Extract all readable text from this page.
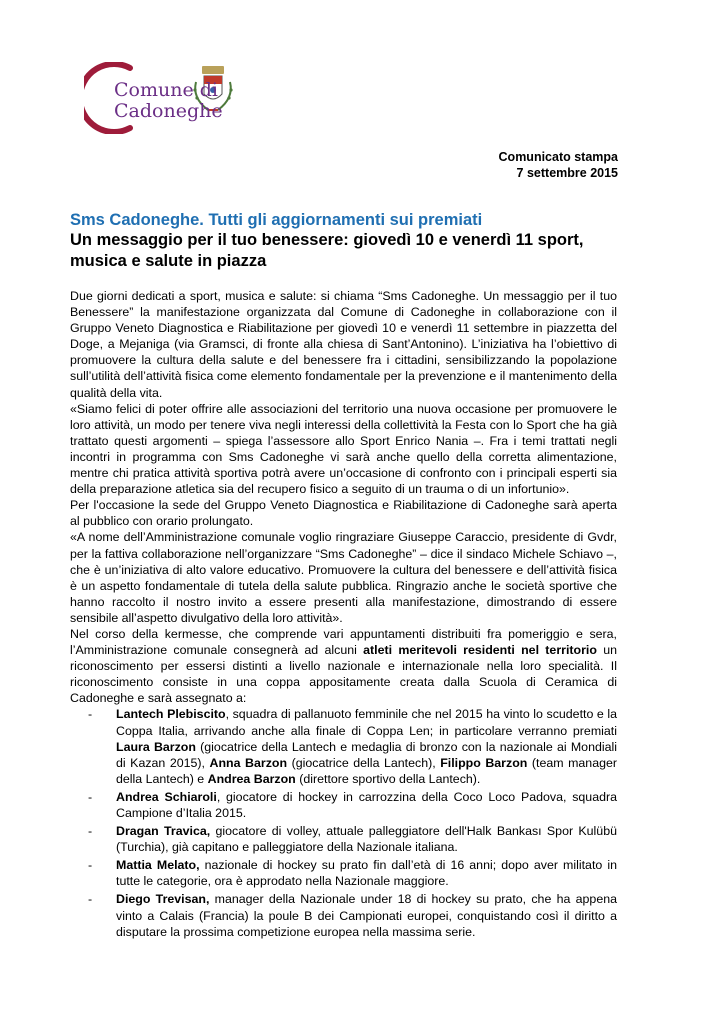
Comune di
Cadoneghe
Comunicato stampa
7 settembre 2015
Sms Cadoneghe. Tutti gli aggiornamenti sui premiati
Un messaggio per il tuo benessere: giovedì 10 e venerdì 11 sport, musica e salute in piazza

Due giorni dedicati a sport, musica e salute: si chiama “Sms Cadoneghe. Un messaggio per il tuo Benessere” la manifestazione organizzata dal Comune di Cadoneghe in collaborazione con il Gruppo Veneto Diagnostica e Riabilitazione per giovedì 10 e venerdì 11 settembre in piazzetta del Doge, a Mejaniga (via Gramsci, di fronte alla chiesa di Sant’Antonino). L’iniziativa ha l’obiettivo di promuovere la cultura della salute e del benessere fra i cittadini, sensibilizzando la popolazione sull’utilità dell’attività fisica come elemento fondamentale per la prevenzione e il mantenimento della qualità della vita.

«Siamo felici di poter offrire alle associazioni del territorio una nuova occasione per promuovere le loro attività, un modo per tenere viva negli interessi della collettività la Festa con lo Sport che ha già trattato questi argomenti – spiega l’assessore allo Sport Enrico Nania –. Fra i temi trattati negli incontri in programma con Sms Cadoneghe vi sarà anche quello della corretta alimentazione, mentre chi pratica attività sportiva potrà avere un’occasione di confronto con i principali esperti sia della preparazione atletica sia del recupero fisico a seguito di un trauma o di un infortunio».

Per l'occasione la sede del Gruppo Veneto Diagnostica e Riabilitazione di Cadoneghe sarà aperta al pubblico con orario prolungato.

«A nome dell’Amministrazione comunale voglio ringraziare Giuseppe Caraccio, presidente di Gvdr, per la fattiva collaborazione nell’organizzare “Sms Cadoneghe” – dice il sindaco Michele Schiavo –, che è un’iniziativa di alto valore educativo. Promuovere la cultura del benessere e dell’attività fisica è un aspetto fondamentale di tutela della salute pubblica. Ringrazio anche le società sportive che hanno raccolto il nostro invito a essere presenti alla manifestazione, dimostrando di essere sensibile all’aspetto divulgativo della loro attività».

Nel corso della kermesse, che comprende vari appuntamenti distribuiti fra pomeriggio e sera, l’Amministrazione comunale consegnerà ad alcuni atleti meritevoli residenti nel territorio un riconoscimento per essersi distinti a livello nazionale e internazionale nella loro specialità. Il riconoscimento consiste in una coppa appositamente creata dalla Scuola di Ceramica di Cadoneghe e sarà assegnato a:

- Lantech Plebiscito, squadra di pallanuoto femminile che nel 2015 ha vinto lo scudetto e la Coppa Italia, arrivando anche alla finale di Coppa Len; in particolare verranno premiati Laura Barzon (giocatrice della Lantech e medaglia di bronzo con la nazionale ai Mondiali di Kazan 2015), Anna Barzon (giocatrice della Lantech), Filippo Barzon (team manager della Lantech) e Andrea Barzon (direttore sportivo della Lantech).
- Andrea Schiaroli, giocatore di hockey in carrozzina della Coco Loco Padova, squadra Campione d’Italia 2015.
- Dragan Travica, giocatore di volley, attuale palleggiatore dell'Halk Bankası Spor Kulübü (Turchia), già capitano e palleggiatore della Nazionale italiana.
- Mattia Melato, nazionale di hockey su prato fin dall’età di 16 anni; dopo aver militato in tutte le categorie, ora è approdato nella Nazionale maggiore.
- Diego Trevisan, manager della Nazionale under 18 di hockey su prato, che ha appena vinto a Calais (Francia) la poule B dei Campionati europei, conquistando così il diritto a disputare la prossima competizione europea nella massima serie.
